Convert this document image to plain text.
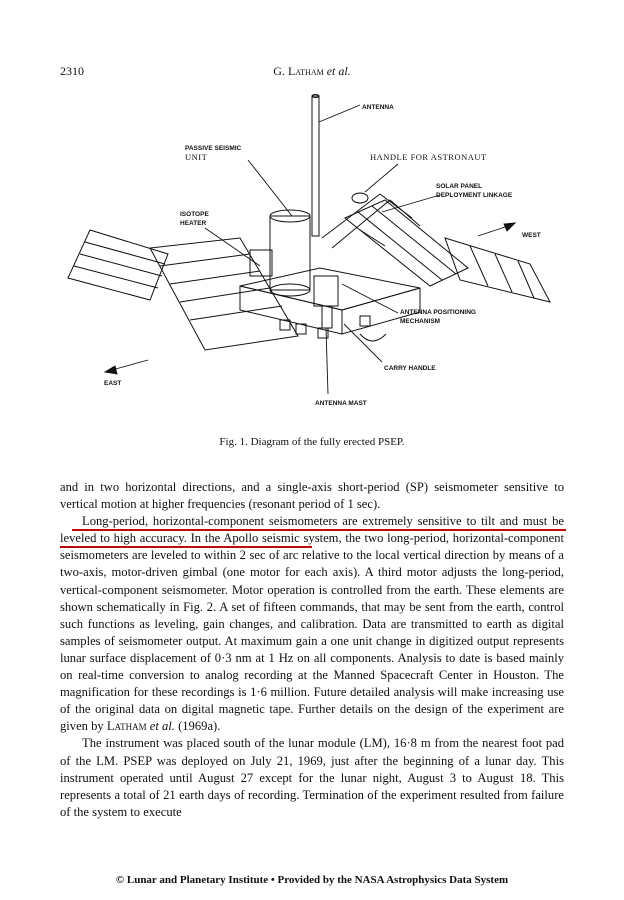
2310	G. Latham et al.
ANTENNA
PASSIVE SEISMIC
UNIT	HANDLE FOR ASTRONAUT
SOLAR PANEL
DEPLOYMENT LINKAGE
ISOTOPE
HEATER
WEST
EAST
ANTENNA POSITIONING
MECHANISM
CARRY HANDLE
ANTENNA MAST
Fig. 1. Diagram of the fully erected PSEP.

and in two horizontal directions, and a single-axis short-period (SP) seismometer sensitive to vertical motion at higher frequencies (resonant period of 1 sec).

Long-period, horizontal-component seismometers are extremely sensitive to tilt and must be leveled to high accuracy. In the Apollo seismic system, the two long-period, horizontal-component seismometers are leveled to within 2 sec of arc relative to the local vertical direction by means of a two-axis, motor-driven gimbal (one motor for each axis). A third motor adjusts the long-period, vertical-component seismometer. Motor operation is controlled from the earth. These elements are shown schematically in Fig. 2. A set of fifteen commands, that may be sent from the earth, control such functions as leveling, gain changes, and calibration. Data are transmitted to earth as digital samples of seismometer output. At maximum gain a one unit change in digitized output represents lunar surface displacement of 0·3 nm at 1 Hz on all components. Analysis to date is based mainly on real-time conversion to analog recording at the Manned Spacecraft Center in Houston. The magnification for these recordings is 1·6 million. Future detailed analysis will make increasing use of the original data on digital magnetic tape. Further details on the design of the experiment are given by Latham et al. (1969a).

The instrument was placed south of the lunar module (LM), 16·8 m from the nearest foot pad of the LM. PSEP was deployed on July 21, 1969, just after the beginning of a lunar day. This instrument operated until August 27 except for the lunar night, August 3 to August 18. This represents a total of 21 earth days of recording. Termination of the experiment resulted from failure of the system to execute

© Lunar and Planetary Institute • Provided by the NASA Astrophysics Data System
